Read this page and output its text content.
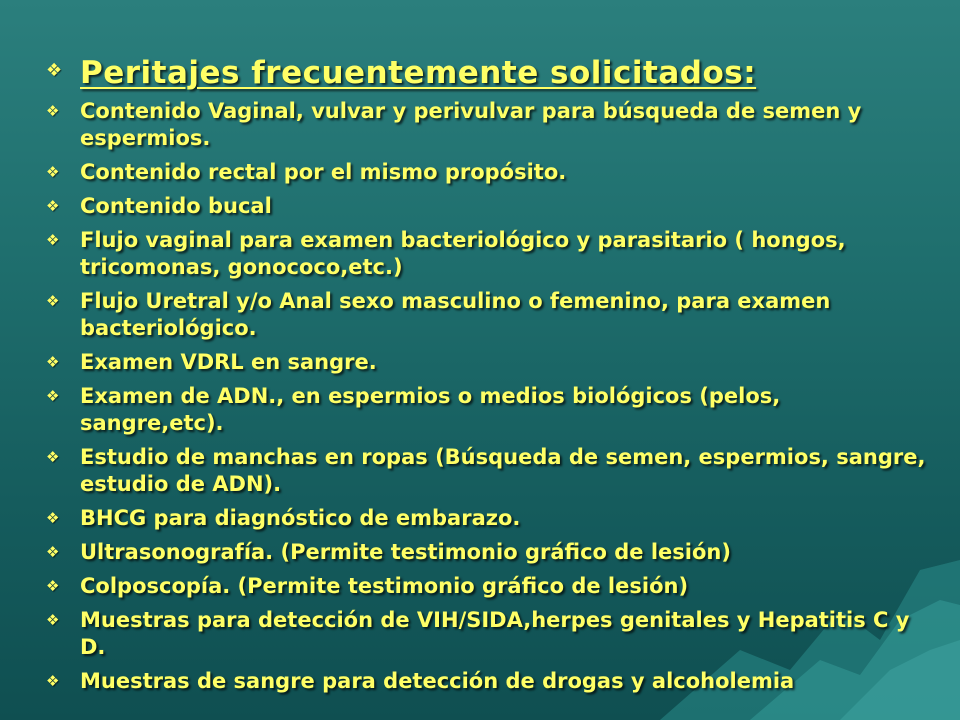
❖ Peritajes frecuentemente solicitados:
❖ Contenido Vaginal, vulvar y perivulvar para búsqueda de semen y espermios.
❖ Contenido rectal por el mismo propósito.
❖ Contenido bucal
❖ Flujo vaginal para examen bacteriológico y parasitario ( hongos, tricomonas, gonococo,etc.)
❖ Flujo Uretral y/o Anal sexo masculino o femenino, para examen bacteriológico.
❖ Examen VDRL en sangre.
❖ Examen de ADN., en espermios o medios biológicos (pelos, sangre,etc).
❖ Estudio de manchas en ropas (Búsqueda de semen, espermios, sangre, estudio de ADN).
❖ BHCG para diagnóstico de embarazo.
❖ Ultrasonografía. (Permite testimonio gráfico de lesión)
❖ Colposcopía. (Permite testimonio gráfico de lesión)
❖ Muestras para detección de VIH/SIDA,herpes genitales y Hepatitis C y D.
❖ Muestras de sangre para detección de drogas y alcoholemia
